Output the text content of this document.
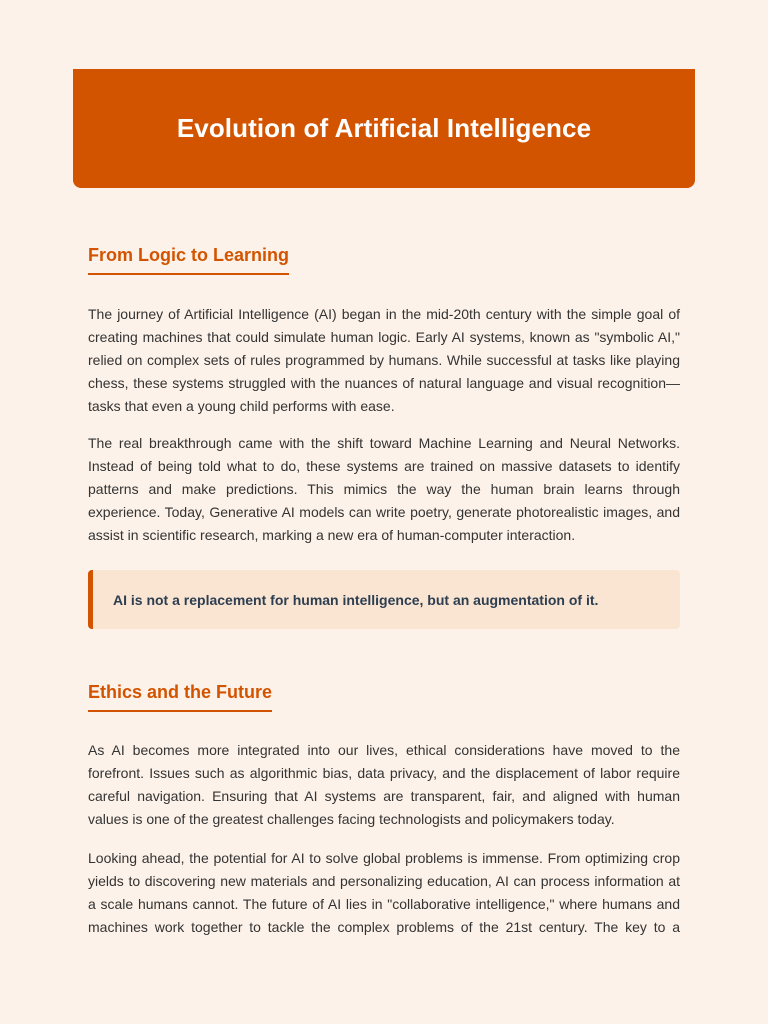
Evolution of Artificial Intelligence
From Logic to Learning

The journey of Artificial Intelligence (AI) began in the mid-20th century with the simple goal of creating machines that could simulate human logic. Early AI systems, known as "symbolic AI," relied on complex sets of rules programmed by humans. While successful at tasks like playing chess, these systems struggled with the nuances of natural language and visual recognition—tasks that even a young child performs with ease.

The real breakthrough came with the shift toward Machine Learning and Neural Networks. Instead of being told what to do, these systems are trained on massive datasets to identify patterns and make predictions. This mimics the way the human brain learns through experience. Today, Generative AI models can write poetry, generate photorealistic images, and assist in scientific research, marking a new era of human-computer interaction.

AI is not a replacement for human intelligence, but an augmentation of it.

Ethics and the Future

As AI becomes more integrated into our lives, ethical considerations have moved to the forefront. Issues such as algorithmic bias, data privacy, and the displacement of labor require careful navigation. Ensuring that AI systems are transparent, fair, and aligned with human values is one of the greatest challenges facing technologists and policymakers today.

Looking ahead, the potential for AI to solve global problems is immense. From optimizing crop yields to discovering new materials and personalizing education, AI can process information at a scale humans cannot. The future of AI lies in "collaborative intelligence," where humans and machines work together to tackle the complex problems of the 21st century. The key to a
